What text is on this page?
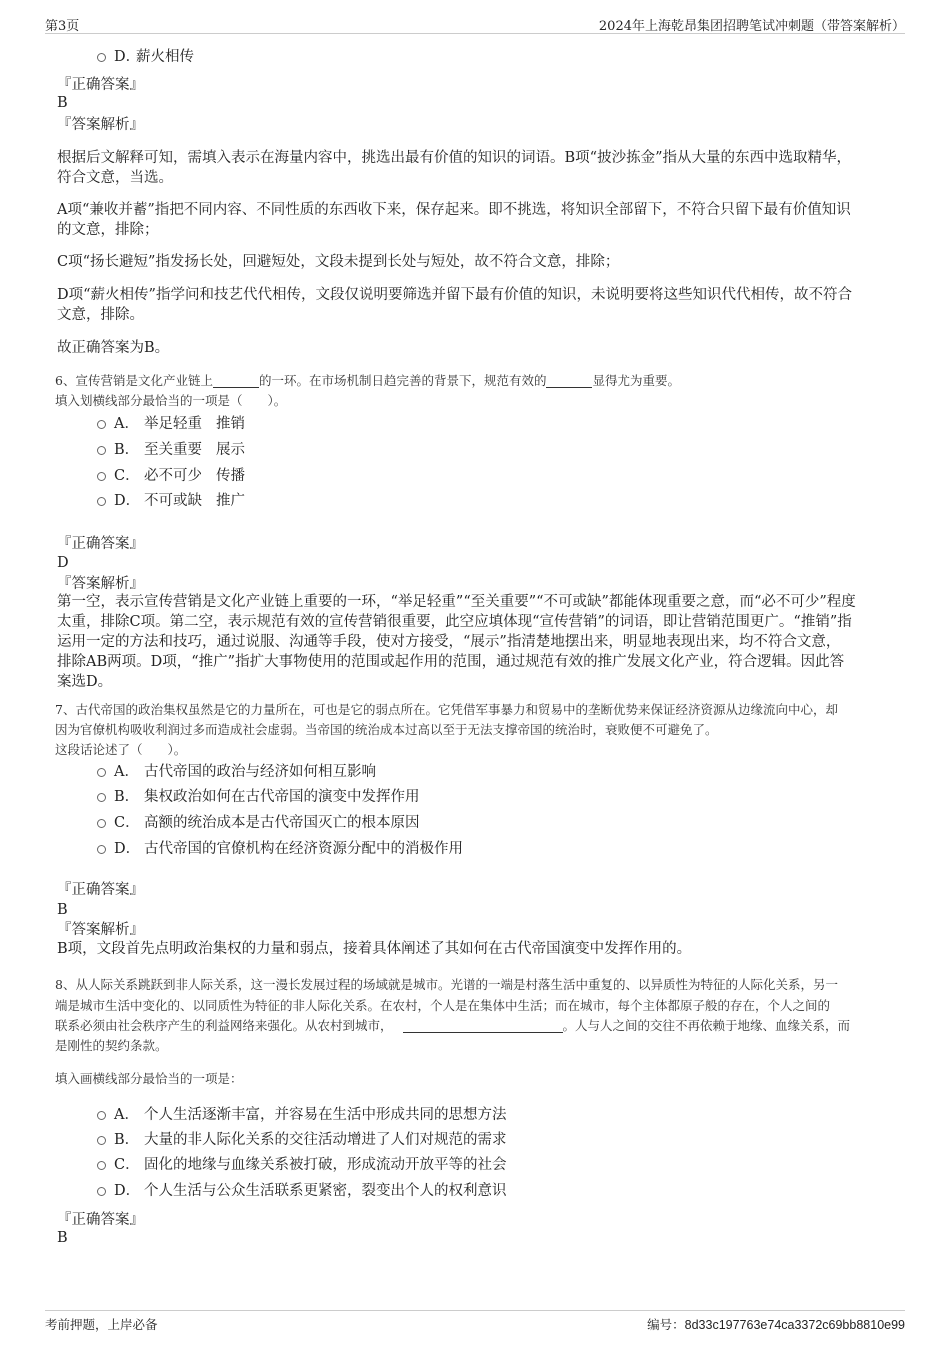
第3页	2024年上海乾昂集团招聘笔试冲刺题（带答案解析）
D．薪火相传
『正确答案』
B
『答案解析』
根据后文解释可知，需填入表示在海量内容中，挑选出最有价值的知识的词语。B项“披沙拣金”指从大量的东西中选取精华，
符合文意，当选。
A项“兼收并蓄”指把不同内容、不同性质的东西收下来，保存起来。即不挑选，将知识全部留下，不符合只留下最有价值知识
的文意，排除；
C项“扬长避短”指发扬长处，回避短处，文段未提到长处与短处，故不符合文意，排除；
D项“薪火相传”指学问和技艺代代相传，文段仅说明要筛选并留下最有价值的知识，未说明要将这些知识代代相传，故不符合
文意，排除。
故正确答案为B。
6、宣传营销是文化产业链上	的一环。在市场机制日趋完善的背景下，规范有效的	显得尤为重要。
填入划横线部分最恰当的一项是（　　）。
A． 举足轻重 推销
B． 至关重要 展示
C． 必不可少 传播
D． 不可或缺 推广
『正确答案』
D
『答案解析』
第一空，表示宣传营销是文化产业链上重要的一环，“举足轻重”“至关重要”“不可或缺”都能体现重要之意，而“必不可少”程度
太重，排除C项。第二空，表示规范有效的宣传营销很重要，此空应填体现“宣传营销”的词语，即让营销范围更广。“推销”指
运用一定的方法和技巧，通过说服、沟通等手段，使对方接受，“展示”指清楚地摆出来，明显地表现出来，均不符合文意，
排除AB两项。D项，“推广”指扩大事物使用的范围或起作用的范围，通过规范有效的推广发展文化产业，符合逻辑。因此答
案选D。
7、古代帝国的政治集权虽然是它的力量所在，可也是它的弱点所在。它凭借军事暴力和贸易中的垄断优势来保证经济资源从边缘流向中心，却
因为官僚机构吸收利润过多而造成社会虚弱。当帝国的统治成本过高以至于无法支撑帝国的统治时，衰败便不可避免了。
这段话论述了（　　）。
A． 古代帝国的政治与经济如何相互影响
B． 集权政治如何在古代帝国的演变中发挥作用
C． 高额的统治成本是古代帝国灭亡的根本原因
D． 古代帝国的官僚机构在经济资源分配中的消极作用
『正确答案』
B
『答案解析』
B项，文段首先点明政治集权的力量和弱点，接着具体阐述了其如何在古代帝国演变中发挥作用的。
8、从人际关系跳跃到非人际关系，这一漫长发展过程的场域就是城市。光谱的一端是村落生活中重复的、以异质性为特征的人际化关系，另一
端是城市生活中变化的、以同质性为特征的非人际化关系。在农村，个人是在集体中生活；而在城市，每个主体都原子般的存在，个人之间的
联系必须由社会秩序产生的利益网络来强化。从农村到城市，	。人与人之间的交往不再依赖于地缘、血缘关系，而
是刚性的契约条款。
填入画横线部分最恰当的一项是：
A． 个人生活逐渐丰富，并容易在生活中形成共同的思想方法
B． 大量的非人际化关系的交往活动增进了人们对规范的需求
C． 固化的地缘与血缘关系被打破，形成流动开放平等的社会
D． 个人生活与公众生活联系更紧密，裂变出个人的权利意识
『正确答案』
B
考前押题，上岸必备	编号：8d33c197763e74ca3372c69bb8810e99
